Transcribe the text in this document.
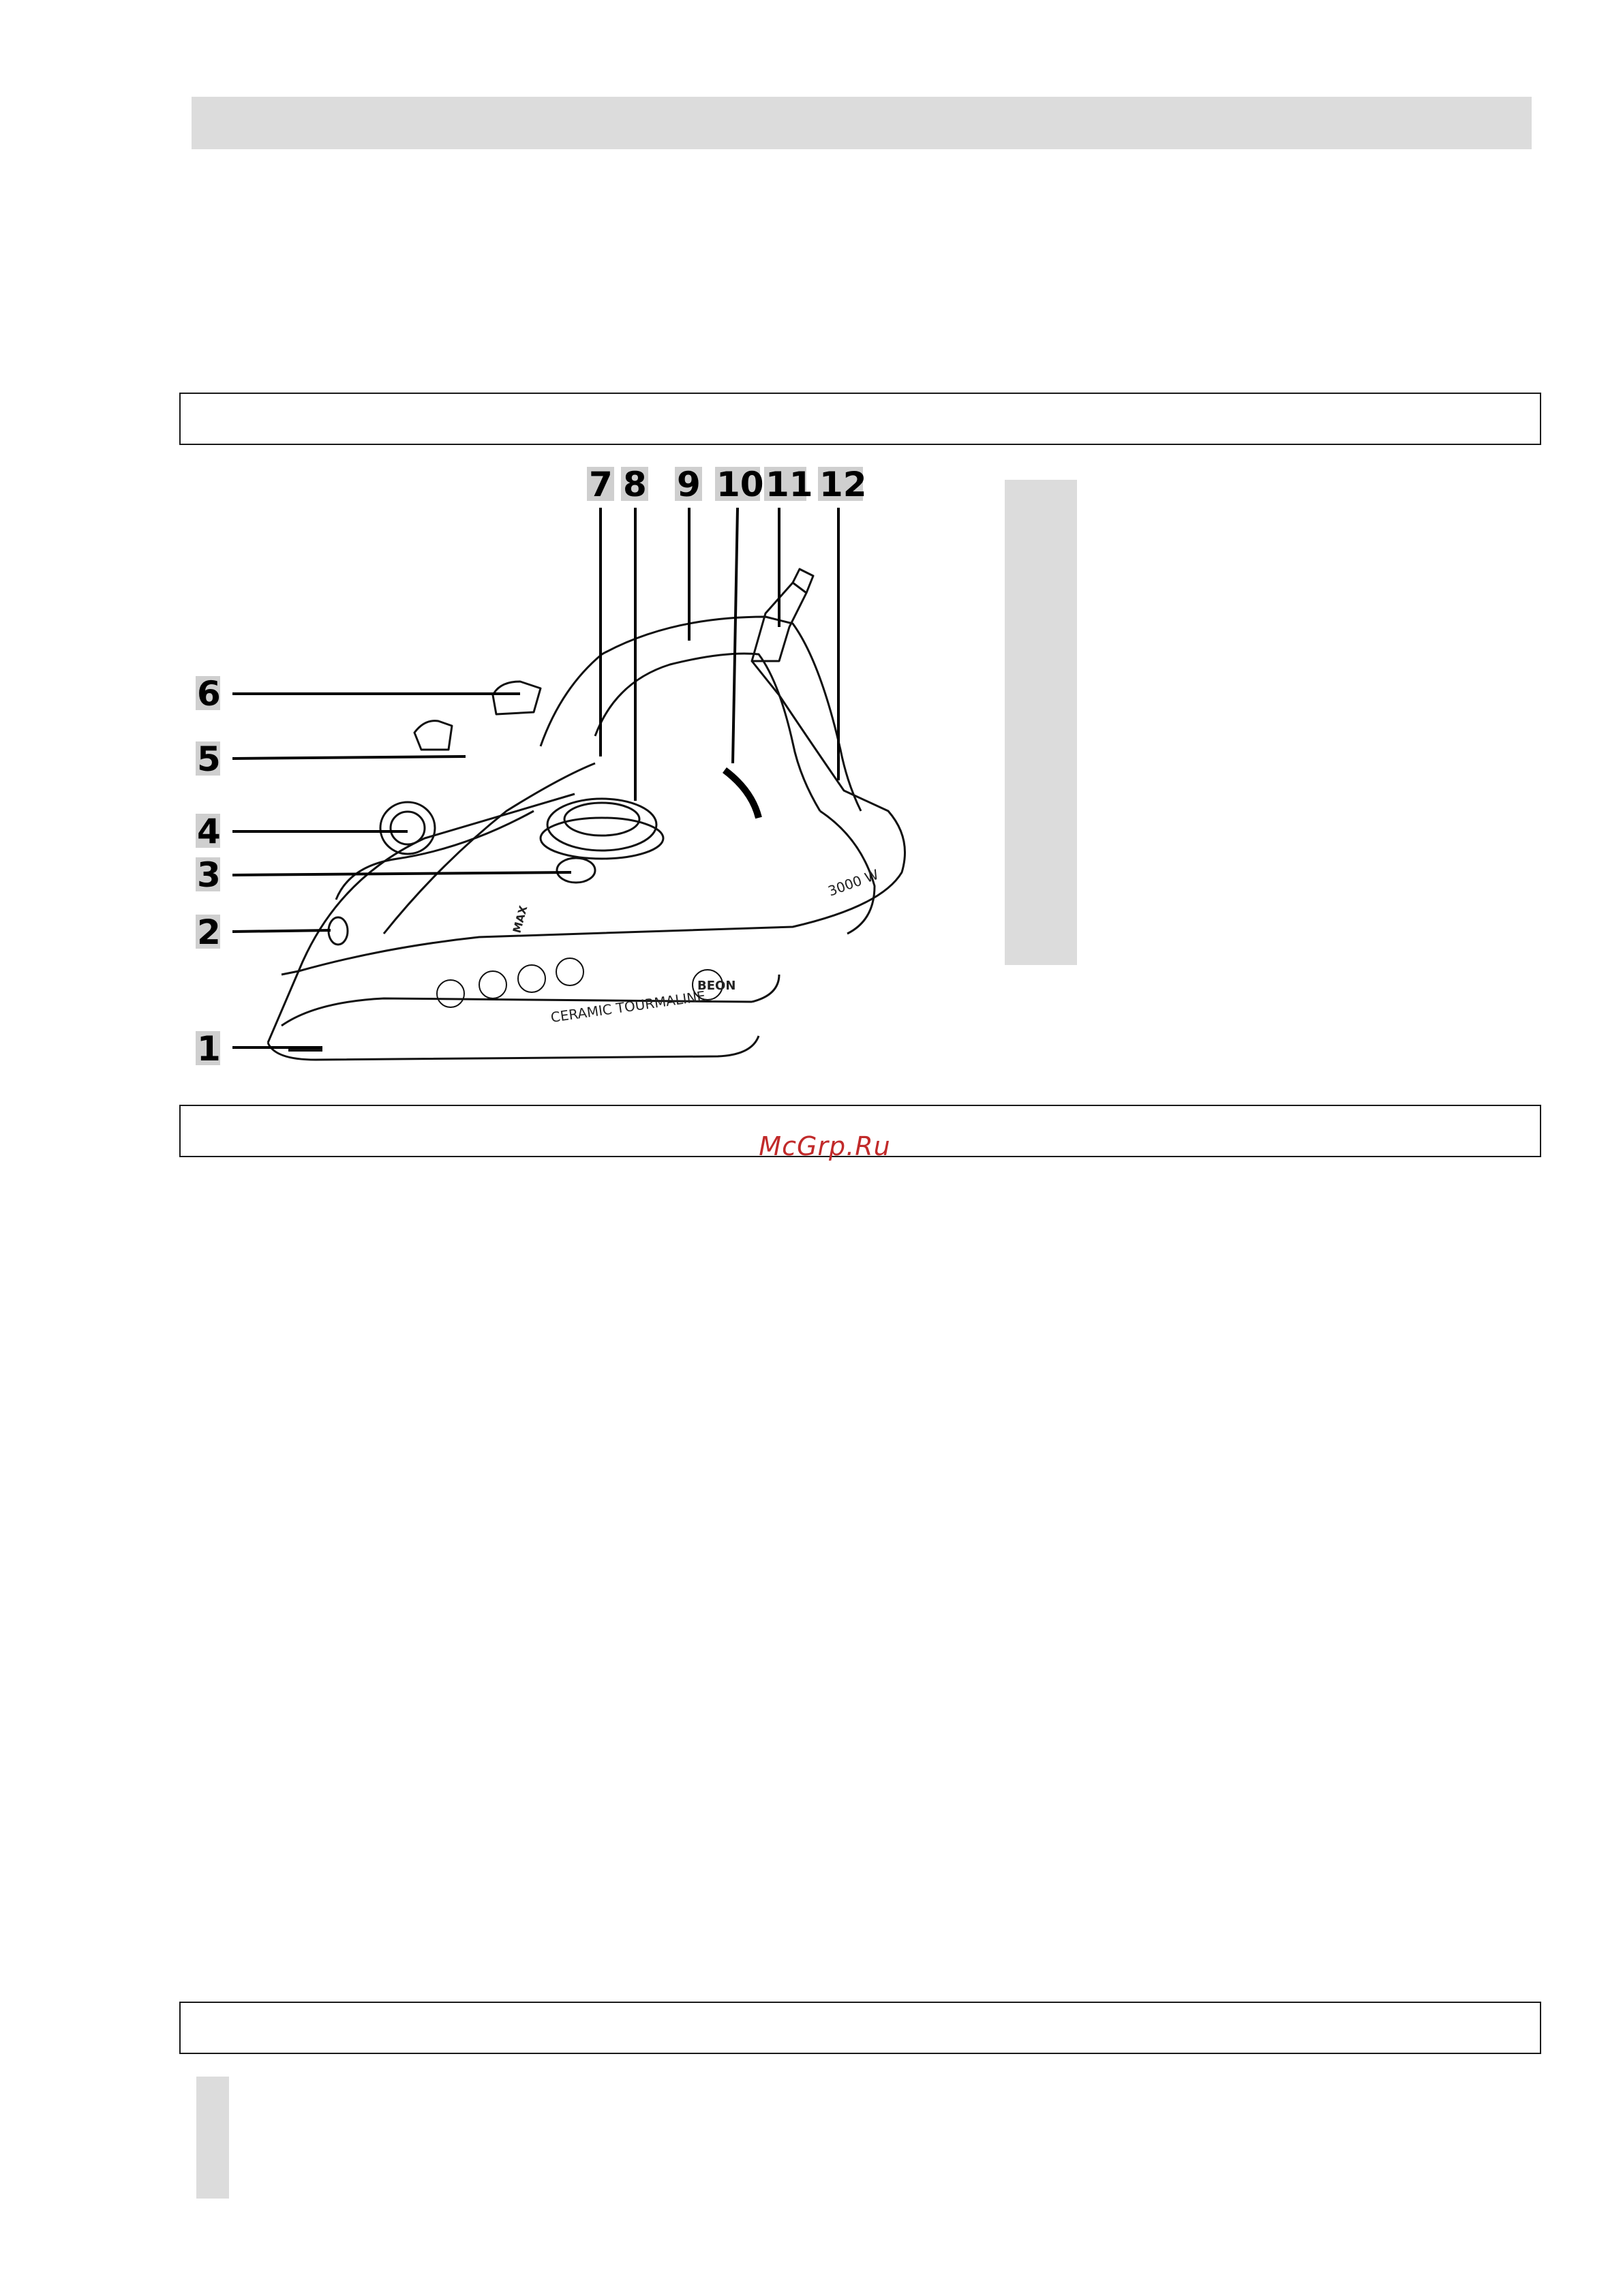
CERAMIC TOURMALINE
BEON
3000 W
MAX
1
2
3
4
5
6
7 8 9 10 11 12
McGrp.Ru
